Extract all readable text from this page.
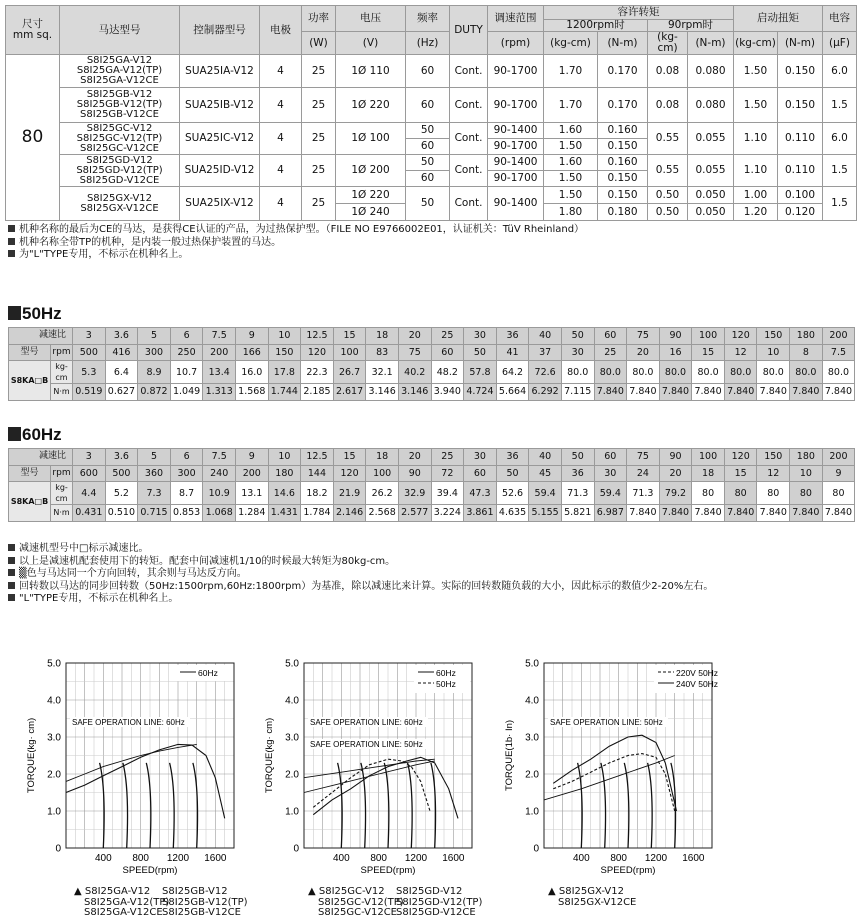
尺寸
mm sq.	马达型号	控制器型号	电极	功率	电压	频率	DUTY	调速范围	容许转矩				启动扭矩		电容
									1200rpm时		90rpm时				
				(W)	(V)	(Hz)		(rpm)	(kg-cm)	(N-m)	(kg-cm)	(N-m)	(kg-cm)	(N-m)	(μF)
80	S8I25GA-V12
S8I25GA-V12(TP)
S8I25GA-V12CE	SUA25IA-V12	4	25	1Ø 110	60	Cont.	90-1700	1.70	0.170	0.08	0.080	1.50	0.150	6.0
	S8I25GB-V12
S8I25GB-V12(TP)
S8I25GB-V12CE	SUA25IB-V12	4	25	1Ø 220	60	Cont.	90-1700	1.70	0.170	0.08	0.080	1.50	0.150	1.5
	S8I25GC-V12
S8I25GC-V12(TP)
S8I25GC-V12CE	SUA25IC-V12	4	25	1Ø 100	50	Cont.	90-1400	1.60	0.160	0.55	0.055	1.10	0.110	6.0
						60		90-1700	1.50	0.150					
	S8I25GD-V12
S8I25GD-V12(TP)
S8I25GD-V12CE	SUA25ID-V12	4	25	1Ø 200	50	Cont.	90-1400	1.60	0.160	0.55	0.055	1.10	0.110	1.5
						60		90-1700	1.50	0.150					
	S8I25GX-V12
S8I25GX-V12CE	SUA25IX-V12	4	25	1Ø 220	50	Cont.	90-1400	1.50	0.150	0.50	0.050	1.00	0.100	1.5
					1Ø 240				1.80	0.180	0.50	0.050	1.20	0.120	
机种名称的最后为CE的马达，是获得CE认证的产品，为过热保护型。（FILE NO E9766002E01，认证机关：TüV Rheinland）
机种名称全带TP的机种，是内装一般过热保护装置的马达。
为"L"TYPE专用，不标示在机种名上。
50Hz
减速比		3	3.6	5	6	7.5	9	10	12.5	15	18	20	25	30	36	40	50	60	75	90	100	120	150	180	200
型号	rpm	500	416	300	250	200	166	150	120	100	83	75	60	50	41	37	30	25	20	16	15	12	10	8	7.5
S8KA□B	kg-cm	5.3	6.4	8.9	10.7	13.4	16.0	17.8	22.3	26.7	32.1	40.2	48.2	57.8	64.2	72.6	80.0	80.0	80.0	80.0	80.0	80.0	80.0	80.0	80.0
	N·m	0.519	0.627	0.872	1.049	1.313	1.568	1.744	2.185	2.617	3.146	3.146	3.940	4.724	5.664	6.292	7.115	7.840	7.840	7.840	7.840	7.840	7.840	7.840	7.840
60Hz
减速比		3	3.6	5	6	7.5	9	10	12.5	15	18	20	25	30	36	40	50	60	75	90	100	120	150	180	200
型号	rpm	600	500	360	300	240	200	180	144	120	100	90	72	60	50	45	36	30	24	20	18	15	12	10	9
S8KA□B	kg-cm	4.4	5.2	7.3	8.7	10.9	13.1	14.6	18.2	21.9	26.2	32.9	39.4	47.3	52.6	59.4	71.3	59.4	71.3	79.2	80	80	80	80	80
	N·m	0.431	0.510	0.715	0.853	1.068	1.284	1.431	1.784	2.146	2.568	2.577	3.224	3.861	4.635	5.155	5.821	6.987	7.840	7.840	7.840	7.840	7.840	7.840	7.840
减速机型号中□标示减速比。
以上是减速机配套使用下的转矩。配套中间减速机1/10的时候最大转矩为80kg-cm。
▒色与马达同一个方向回转，其余则与马达反方向。
回转数以马达的同步回转数（50Hz:1500rpm,60Hz:1800rpm）为基准，除以减速比来计算。实际的回转数随负载的大小，因此标示的数值少2-20%左右。
"L"TYPE专用，不标示在机种名上。
5.0
4.0
3.0
2.0
1.0
0
400 800 1200 1600
SPEED(rpm)
TORQUE(kg· cm)
60Hz
SAFE OPERATION LINE: 60Hz
5.0
4.0
3.0
2.0
1.0
0
400 800 1200 1600
SPEED(rpm)
TORQUE(kg· cm)
60Hz
50Hz
SAFE OPERATION LINE: 60Hz
SAFE OPERATION LINE: 50Hz
5.0
4.0
3.0
2.0
1.0
0
400 800 1200 1600
SPEED(rpm)
TORQUE(1b· In)
220V 50Hz
240V 50Hz
SAFE OPERATION LINE: 50Hz
▲ S8I25GA-V12 S8I25GB-V12
S8I25GA-V12(TP)S8I25GB-V12(TP)
S8I25GA-V12CES8I25GB-V12CE
▲ S8I25GC-V12 S8I25GD-V12
S8I25GC-V12(TP)S8I25GD-V12(TP)
S8I25GC-V12CES8I25GD-V12CE
▲ S8I25GX-V12
S8I25GX-V12CE
